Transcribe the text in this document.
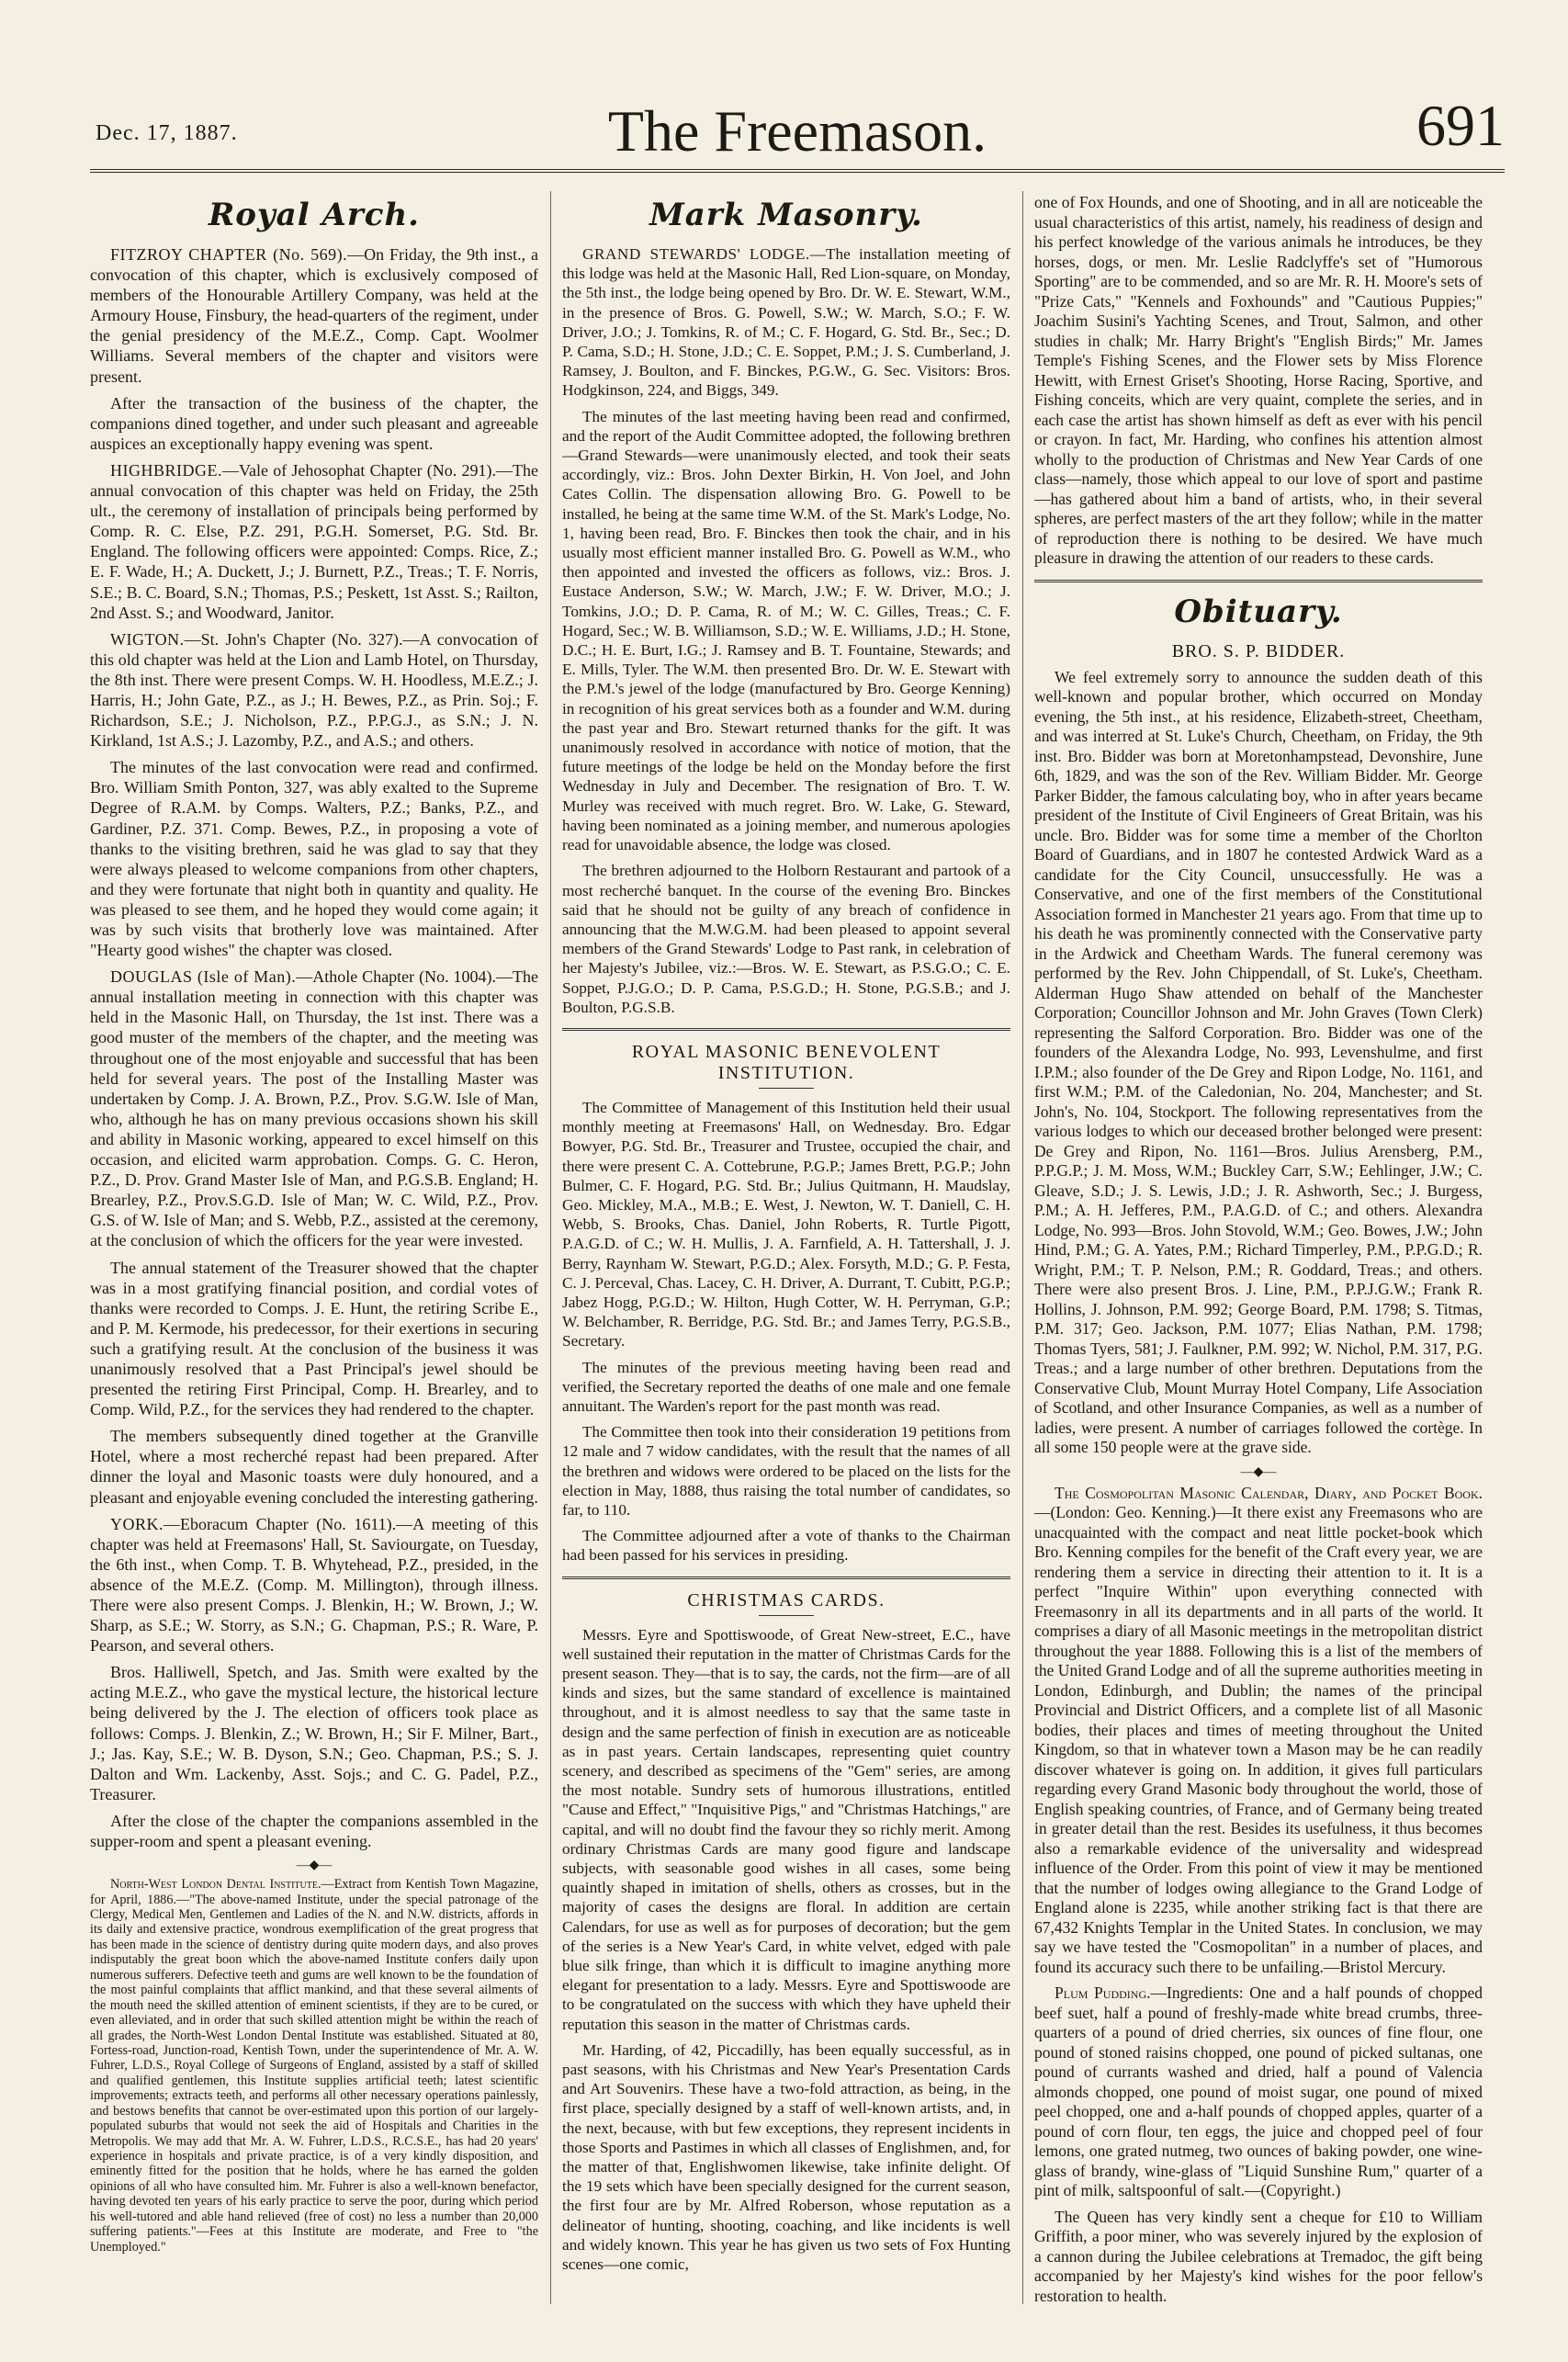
Dec. 17, 1887.	The Freemason.	691
Royal Arch.

FITZROY CHAPTER (No. 569).—On Friday, the 9th inst., a convocation of this chapter, which is exclusively composed of members of the Honourable Artillery Company, was held at the Armoury House, Finsbury, the head-quarters of the regiment, under the genial presidency of the M.E.Z., Comp. Capt. Woolmer Williams. Several members of the chapter and visitors were present.

After the transaction of the business of the chapter, the companions dined together, and under such pleasant and agreeable auspices an exceptionally happy evening was spent.

HIGHBRIDGE.—Vale of Jehosophat Chapter (No. 291).—The annual convocation of this chapter was held on Friday, the 25th ult., the ceremony of installation of principals being performed by Comp. R. C. Else, P.Z. 291, P.G.H. Somerset, P.G. Std. Br. England. The following officers were appointed: Comps. Rice, Z.; E. F. Wade, H.; A. Duckett, J.; J. Burnett, P.Z., Treas.; T. F. Norris, S.E.; B. C. Board, S.N.; Thomas, P.S.; Peskett, 1st Asst. S.; Railton, 2nd Asst. S.; and Woodward, Janitor.

WIGTON.—St. John's Chapter (No. 327).—A convocation of this old chapter was held at the Lion and Lamb Hotel, on Thursday, the 8th inst. There were present Comps. W. H. Hoodless, M.E.Z.; J. Harris, H.; John Gate, P.Z., as J.; H. Bewes, P.Z., as Prin. Soj.; F. Richardson, S.E.; J. Nicholson, P.Z., P.P.G.J., as S.N.; J. N. Kirkland, 1st A.S.; J. Lazomby, P.Z., and A.S.; and others.

The minutes of the last convocation were read and confirmed. Bro. William Smith Ponton, 327, was ably exalted to the Supreme Degree of R.A.M. by Comps. Walters, P.Z.; Banks, P.Z., and Gardiner, P.Z. 371. Comp. Bewes, P.Z., in proposing a vote of thanks to the visiting brethren, said he was glad to say that they were always pleased to welcome companions from other chapters, and they were fortunate that night both in quantity and quality. He was pleased to see them, and he hoped they would come again; it was by such visits that brotherly love was maintained. After "Hearty good wishes" the chapter was closed.

DOUGLAS (Isle of Man).—Athole Chapter (No. 1004).—The annual installation meeting in connection with this chapter was held in the Masonic Hall, on Thursday, the 1st inst. There was a good muster of the members of the chapter, and the meeting was throughout one of the most enjoyable and successful that has been held for several years. The post of the Installing Master was undertaken by Comp. J. A. Brown, P.Z., Prov. S.G.W. Isle of Man, who, although he has on many previous occasions shown his skill and ability in Masonic working, appeared to excel himself on this occasion, and elicited warm approbation. Comps. G. C. Heron, P.Z., D. Prov. Grand Master Isle of Man, and P.G.S.B. England; H. Brearley, P.Z., Prov.S.G.D. Isle of Man; W. C. Wild, P.Z., Prov. G.S. of W. Isle of Man; and S. Webb, P.Z., assisted at the ceremony, at the conclusion of which the officers for the year were invested.

The annual statement of the Treasurer showed that the chapter was in a most gratifying financial position, and cordial votes of thanks were recorded to Comps. J. E. Hunt, the retiring Scribe E., and P. M. Kermode, his predecessor, for their exertions in securing such a gratifying result. At the conclusion of the business it was unanimously resolved that a Past Principal's jewel should be presented the retiring First Principal, Comp. H. Brearley, and to Comp. Wild, P.Z., for the services they had rendered to the chapter.

The members subsequently dined together at the Granville Hotel, where a most recherché repast had been prepared. After dinner the loyal and Masonic toasts were duly honoured, and a pleasant and enjoyable evening concluded the interesting gathering.

YORK.—Eboracum Chapter (No. 1611).—A meeting of this chapter was held at Freemasons' Hall, St. Saviourgate, on Tuesday, the 6th inst., when Comp. T. B. Whytehead, P.Z., presided, in the absence of the M.E.Z. (Comp. M. Millington), through illness. There were also present Comps. J. Blenkin, H.; W. Brown, J.; W. Sharp, as S.E.; W. Storry, as S.N.; G. Chapman, P.S.; R. Ware, P. Pearson, and several others.

Bros. Halliwell, Spetch, and Jas. Smith were exalted by the acting M.E.Z., who gave the mystical lecture, the historical lecture being delivered by the J. The election of officers took place as follows: Comps. J. Blenkin, Z.; W. Brown, H.; Sir F. Milner, Bart., J.; Jas. Kay, S.E.; W. B. Dyson, S.N.; Geo. Chapman, P.S.; S. J. Dalton and Wm. Lackenby, Asst. Sojs.; and C. G. Padel, P.Z., Treasurer.

After the close of the chapter the companions assembled in the supper-room and spent a pleasant evening.

—◆—

North-West London Dental Institute.—Extract from Kentish Town Magazine, for April, 1886.—"The above-named Institute, under the special patronage of the Clergy, Medical Men, Gentlemen and Ladies of the N. and N.W. districts, affords in its daily and extensive practice, wondrous exemplification of the great progress that has been made in the science of dentistry during quite modern days, and also proves indisputably the great boon which the above-named Institute confers daily upon numerous sufferers. Defective teeth and gums are well known to be the foundation of the most painful complaints that afflict mankind, and that these several ailments of the mouth need the skilled attention of eminent scientists, if they are to be cured, or even alleviated, and in order that such skilled attention might be within the reach of all grades, the North-West London Dental Institute was established. Situated at 80, Fortess-road, Junction-road, Kentish Town, under the superintendence of Mr. A. W. Fuhrer, L.D.S., Royal College of Surgeons of England, assisted by a staff of skilled and qualified gentlemen, this Institute supplies artificial teeth; latest scientific improvements; extracts teeth, and performs all other necessary operations painlessly, and bestows benefits that cannot be over-estimated upon this portion of our largely-populated suburbs that would not seek the aid of Hospitals and Charities in the Metropolis. We may add that Mr. A. W. Fuhrer, L.D.S., R.C.S.E., has had 20 years' experience in hospitals and private practice, is of a very kindly disposition, and eminently fitted for the position that he holds, where he has earned the golden opinions of all who have consulted him. Mr. Fuhrer is also a well-known benefactor, having devoted ten years of his early practice to serve the poor, during which period his well-tutored and able hand relieved (free of cost) no less a number than 20,000 suffering patients."—Fees at this Institute are moderate, and Free to "the Unemployed."

Mark Masonry.

GRAND STEWARDS' LODGE.—The installation meeting of this lodge was held at the Masonic Hall, Red Lion-square, on Monday, the 5th inst., the lodge being opened by Bro. Dr. W. E. Stewart, W.M., in the presence of Bros. G. Powell, S.W.; W. March, S.O.; F. W. Driver, J.O.; J. Tomkins, R. of M.; C. F. Hogard, G. Std. Br., Sec.; D. P. Cama, S.D.; H. Stone, J.D.; C. E. Soppet, P.M.; J. S. Cumberland, J. Ramsey, J. Boulton, and F. Binckes, P.G.W., G. Sec. Visitors: Bros. Hodgkinson, 224, and Biggs, 349.

The minutes of the last meeting having been read and confirmed, and the report of the Audit Committee adopted, the following brethren—Grand Stewards—were unanimously elected, and took their seats accordingly, viz.: Bros. John Dexter Birkin, H. Von Joel, and John Cates Collin. The dispensation allowing Bro. G. Powell to be installed, he being at the same time W.M. of the St. Mark's Lodge, No. 1, having been read, Bro. F. Binckes then took the chair, and in his usually most efficient manner installed Bro. G. Powell as W.M., who then appointed and invested the officers as follows, viz.: Bros. J. Eustace Anderson, S.W.; W. March, J.W.; F. W. Driver, M.O.; J. Tomkins, J.O.; D. P. Cama, R. of M.; W. C. Gilles, Treas.; C. F. Hogard, Sec.; W. B. Williamson, S.D.; W. E. Williams, J.D.; H. Stone, D.C.; H. E. Burt, I.G.; J. Ramsey and B. T. Fountaine, Stewards; and E. Mills, Tyler. The W.M. then presented Bro. Dr. W. E. Stewart with the P.M.'s jewel of the lodge (manufactured by Bro. George Kenning) in recognition of his great services both as a founder and W.M. during the past year and Bro. Stewart returned thanks for the gift. It was unanimously resolved in accordance with notice of motion, that the future meetings of the lodge be held on the Monday before the first Wednesday in July and December. The resignation of Bro. T. W. Murley was received with much regret. Bro. W. Lake, G. Steward, having been nominated as a joining member, and numerous apologies read for unavoidable absence, the lodge was closed.

The brethren adjourned to the Holborn Restaurant and partook of a most recherché banquet. In the course of the evening Bro. Binckes said that he should not be guilty of any breach of confidence in announcing that the M.W.G.M. had been pleased to appoint several members of the Grand Stewards' Lodge to Past rank, in celebration of her Majesty's Jubilee, viz.:—Bros. W. E. Stewart, as P.S.G.O.; C. E. Soppet, P.J.G.O.; D. P. Cama, P.S.G.D.; H. Stone, P.G.S.B.; and J. Boulton, P.G.S.B.

ROYAL MASONIC BENEVOLENT INSTITUTION.

The Committee of Management of this Institution held their usual monthly meeting at Freemasons' Hall, on Wednesday. Bro. Edgar Bowyer, P.G. Std. Br., Treasurer and Trustee, occupied the chair, and there were present C. A. Cottebrune, P.G.P.; James Brett, P.G.P.; John Bulmer, C. F. Hogard, P.G. Std. Br.; Julius Quitmann, H. Maudslay, Geo. Mickley, M.A., M.B.; E. West, J. Newton, W. T. Daniell, C. H. Webb, S. Brooks, Chas. Daniel, John Roberts, R. Turtle Pigott, P.A.G.D. of C.; W. H. Mullis, J. A. Farnfield, A. H. Tattershall, J. J. Berry, Raynham W. Stewart, P.G.D.; Alex. Forsyth, M.D.; G. P. Festa, C. J. Perceval, Chas. Lacey, C. H. Driver, A. Durrant, T. Cubitt, P.G.P.; Jabez Hogg, P.G.D.; W. Hilton, Hugh Cotter, W. H. Perryman, G.P.; W. Belchamber, R. Berridge, P.G. Std. Br.; and James Terry, P.G.S.B., Secretary.

The minutes of the previous meeting having been read and verified, the Secretary reported the deaths of one male and one female annuitant. The Warden's report for the past month was read.

The Committee then took into their consideration 19 petitions from 12 male and 7 widow candidates, with the result that the names of all the brethren and widows were ordered to be placed on the lists for the election in May, 1888, thus raising the total number of candidates, so far, to 110.

The Committee adjourned after a vote of thanks to the Chairman had been passed for his services in presiding.

CHRISTMAS CARDS.

Messrs. Eyre and Spottiswoode, of Great New-street, E.C., have well sustained their reputation in the matter of Christmas Cards for the present season. They—that is to say, the cards, not the firm—are of all kinds and sizes, but the same standard of excellence is maintained throughout, and it is almost needless to say that the same taste in design and the same perfection of finish in execution are as noticeable as in past years. Certain landscapes, representing quiet country scenery, and described as specimens of the "Gem" series, are among the most notable. Sundry sets of humorous illustrations, entitled "Cause and Effect," "Inquisitive Pigs," and "Christmas Hatchings," are capital, and will no doubt find the favour they so richly merit. Among ordinary Christmas Cards are many good figure and landscape subjects, with seasonable good wishes in all cases, some being quaintly shaped in imitation of shells, others as crosses, but in the majority of cases the designs are floral. In addition are certain Calendars, for use as well as for purposes of decoration; but the gem of the series is a New Year's Card, in white velvet, edged with pale blue silk fringe, than which it is difficult to imagine anything more elegant for presentation to a lady. Messrs. Eyre and Spottiswoode are to be congratulated on the success with which they have upheld their reputation this season in the matter of Christmas cards.

Mr. Harding, of 42, Piccadilly, has been equally successful, as in past seasons, with his Christmas and New Year's Presentation Cards and Art Souvenirs. These have a two-fold attraction, as being, in the first place, specially designed by a staff of well-known artists, and, in the next, because, with but few exceptions, they represent incidents in those Sports and Pastimes in which all classes of Englishmen, and, for the matter of that, Englishwomen likewise, take infinite delight. Of the 19 sets which have been specially designed for the current season, the first four are by Mr. Alfred Roberson, whose reputation as a delineator of hunting, shooting, coaching, and like incidents is well and widely known. This year he has given us two sets of Fox Hunting scenes—one comic,

one of Fox Hounds, and one of Shooting, and in all are noticeable the usual characteristics of this artist, namely, his readiness of design and his perfect knowledge of the various animals he introduces, be they horses, dogs, or men. Mr. Leslie Radclyffe's set of "Humorous Sporting" are to be commended, and so are Mr. R. H. Moore's sets of "Prize Cats," "Kennels and Foxhounds" and "Cautious Puppies;" Joachim Susini's Yachting Scenes, and Trout, Salmon, and other studies in chalk; Mr. Harry Bright's "English Birds;" Mr. James Temple's Fishing Scenes, and the Flower sets by Miss Florence Hewitt, with Ernest Griset's Shooting, Horse Racing, Sportive, and Fishing conceits, which are very quaint, complete the series, and in each case the artist has shown himself as deft as ever with his pencil or crayon. In fact, Mr. Harding, who confines his attention almost wholly to the production of Christmas and New Year Cards of one class—namely, those which appeal to our love of sport and pastime—has gathered about him a band of artists, who, in their several spheres, are perfect masters of the art they follow; while in the matter of reproduction there is nothing to be desired. We have much pleasure in drawing the attention of our readers to these cards.

Obituary.
BRO. S. P. BIDDER.

We feel extremely sorry to announce the sudden death of this well-known and popular brother, which occurred on Monday evening, the 5th inst., at his residence, Elizabeth-street, Cheetham, and was interred at St. Luke's Church, Cheetham, on Friday, the 9th inst. Bro. Bidder was born at Moretonhampstead, Devonshire, June 6th, 1829, and was the son of the Rev. William Bidder. Mr. George Parker Bidder, the famous calculating boy, who in after years became president of the Institute of Civil Engineers of Great Britain, was his uncle. Bro. Bidder was for some time a member of the Chorlton Board of Guardians, and in 1807 he contested Ardwick Ward as a candidate for the City Council, unsuccessfully. He was a Conservative, and one of the first members of the Constitutional Association formed in Manchester 21 years ago. From that time up to his death he was prominently connected with the Conservative party in the Ardwick and Cheetham Wards. The funeral ceremony was performed by the Rev. John Chippendall, of St. Luke's, Cheetham. Alderman Hugo Shaw attended on behalf of the Manchester Corporation; Councillor Johnson and Mr. John Graves (Town Clerk) representing the Salford Corporation. Bro. Bidder was one of the founders of the Alexandra Lodge, No. 993, Levenshulme, and first I.P.M.; also founder of the De Grey and Ripon Lodge, No. 1161, and first W.M.; P.M. of the Caledonian, No. 204, Manchester; and St. John's, No. 104, Stockport. The following representatives from the various lodges to which our deceased brother belonged were present: De Grey and Ripon, No. 1161—Bros. Julius Arensberg, P.M., P.P.G.P.; J. M. Moss, W.M.; Buckley Carr, S.W.; Eehlinger, J.W.; C. Gleave, S.D.; J. S. Lewis, J.D.; J. R. Ashworth, Sec.; J. Burgess, P.M.; A. H. Jefferes, P.M., P.A.G.D. of C.; and others. Alexandra Lodge, No. 993—Bros. John Stovold, W.M.; Geo. Bowes, J.W.; John Hind, P.M.; G. A. Yates, P.M.; Richard Timperley, P.M., P.P.G.D.; R. Wright, P.M.; T. P. Nelson, P.M.; R. Goddard, Treas.; and others. There were also present Bros. J. Line, P.M., P.P.J.G.W.; Frank R. Hollins, J. Johnson, P.M. 992; George Board, P.M. 1798; S. Titmas, P.M. 317; Geo. Jackson, P.M. 1077; Elias Nathan, P.M. 1798; Thomas Tyers, 581; J. Faulkner, P.M. 992; W. Nichol, P.M. 317, P.G. Treas.; and a large number of other brethren. Deputations from the Conservative Club, Mount Murray Hotel Company, Life Association of Scotland, and other Insurance Companies, as well as a number of ladies, were present. A number of carriages followed the cortège. In all some 150 people were at the grave side.

—◆—

The Cosmopolitan Masonic Calendar, Diary, and Pocket Book.—(London: Geo. Kenning.)—It there exist any Freemasons who are unacquainted with the compact and neat little pocket-book which Bro. Kenning compiles for the benefit of the Craft every year, we are rendering them a service in directing their attention to it. It is a perfect "Inquire Within" upon everything connected with Freemasonry in all its departments and in all parts of the world. It comprises a diary of all Masonic meetings in the metropolitan district throughout the year 1888. Following this is a list of the members of the United Grand Lodge and of all the supreme authorities meeting in London, Edinburgh, and Dublin; the names of the principal Provincial and District Officers, and a complete list of all Masonic bodies, their places and times of meeting throughout the United Kingdom, so that in whatever town a Mason may be he can readily discover whatever is going on. In addition, it gives full particulars regarding every Grand Masonic body throughout the world, those of English speaking countries, of France, and of Germany being treated in greater detail than the rest. Besides its usefulness, it thus becomes also a remarkable evidence of the universality and widespread influence of the Order. From this point of view it may be mentioned that the number of lodges owing allegiance to the Grand Lodge of England alone is 2235, while another striking fact is that there are 67,432 Knights Templar in the United States. In conclusion, we may say we have tested the "Cosmopolitan" in a number of places, and found its accuracy such there to be unfailing.—Bristol Mercury.

Plum Pudding.—Ingredients: One and a half pounds of chopped beef suet, half a pound of freshly-made white bread crumbs, three-quarters of a pound of dried cherries, six ounces of fine flour, one pound of stoned raisins chopped, one pound of picked sultanas, one pound of currants washed and dried, half a pound of Valencia almonds chopped, one pound of moist sugar, one pound of mixed peel chopped, one and a-half pounds of chopped apples, quarter of a pound of corn flour, ten eggs, the juice and chopped peel of four lemons, one grated nutmeg, two ounces of baking powder, one wine-glass of brandy, wine-glass of "Liquid Sunshine Rum," quarter of a pint of milk, saltspoonful of salt.—(Copyright.)

The Queen has very kindly sent a cheque for £10 to William Griffith, a poor miner, who was severely injured by the explosion of a cannon during the Jubilee celebrations at Tremadoc, the gift being accompanied by her Majesty's kind wishes for the poor fellow's restoration to health.
